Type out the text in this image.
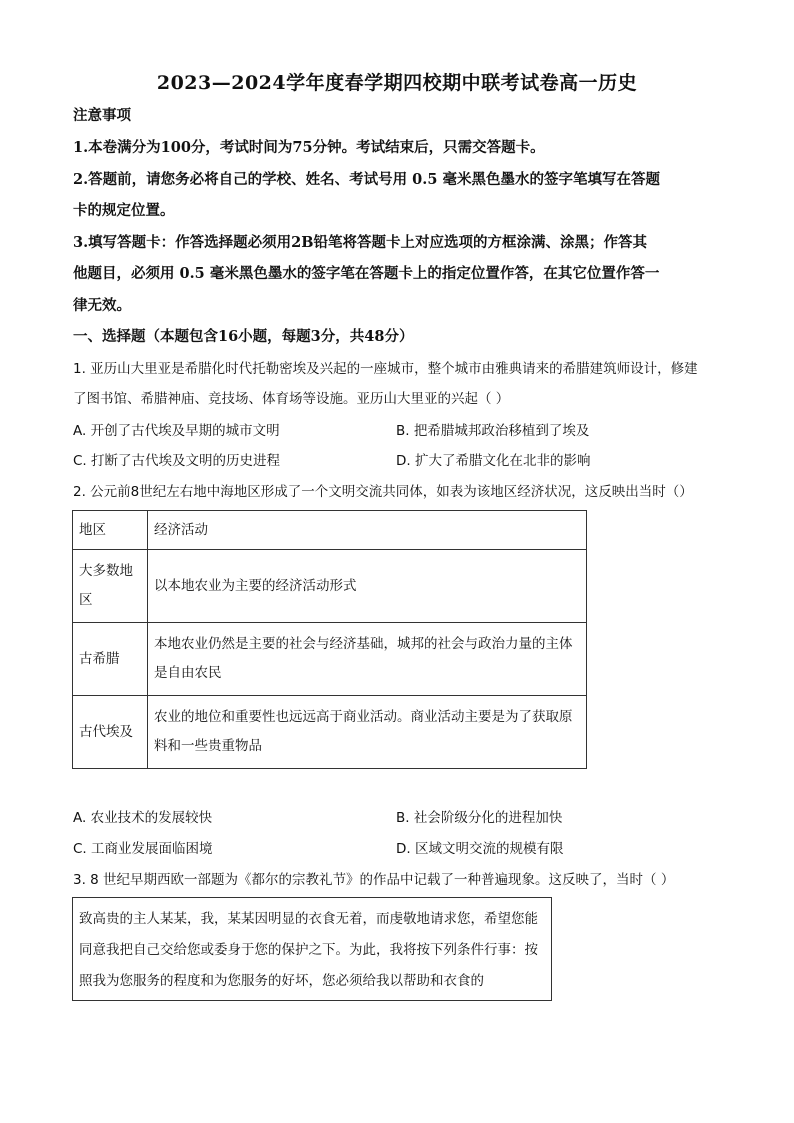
2023—2024学年度春学期四校期中联考试卷高一历史
注意事项
1.本卷满分为100分，考试时间为75分钟。考试结束后，只需交答题卡。
2.答题前，请您务必将自己的学校、姓名、考试号用 0.5 毫米黑色墨水的签字笔填写在答题
卡的规定位置。
3.填写答题卡：作答选择题必须用2B铅笔将答题卡上对应选项的方框涂满、涂黑；作答其
他题目，必须用 0.5 毫米黑色墨水的签字笔在答题卡上的指定位置作答，在其它位置作答一
律无效。
一、选择题（本题包含16小题，每题3分，共48分）
1. 亚历山大里亚是希腊化时代托勒密埃及兴起的一座城市，整个城市由雅典请来的希腊建筑师设计，修建
了图书馆、希腊神庙、竞技场、体育场等设施。亚历山大里亚的兴起（ ）
A. 开创了古代埃及早期的城市文明	B. 把希腊城邦政治移植到了埃及
C. 打断了古代埃及文明的历史进程	D. 扩大了希腊文化在北非的影响
2. 公元前8世纪左右地中海地区形成了一个文明交流共同体，如表为该地区经济状况，这反映出当时（）
地区	经济活动
大多数地区	以本地农业为主要的经济活动形式
古希腊	本地农业仍然是主要的社会与经济基础，城邦的社会与政治力量的主体是自由农民
古代埃及	农业的地位和重要性也远远高于商业活动。商业活动主要是为了获取原料和一些贵重物品
A. 农业技术的发展较快	B. 社会阶级分化的进程加快
C. 工商业发展面临困境	D. 区域文明交流的规模有限
3. 8 世纪早期西欧一部题为《都尔的宗教礼节》的作品中记载了一种普遍现象。这反映了，当时（ ）
致高贵的主人某某，我，某某因明显的衣食无着，而虔敬地请求您，希望您能同意我把自己交给您或委身于您的保护之下。为此，我将按下列条件行事：按照我为您服务的程度和为您服务的好坏，您必须给我以帮助和衣食的
